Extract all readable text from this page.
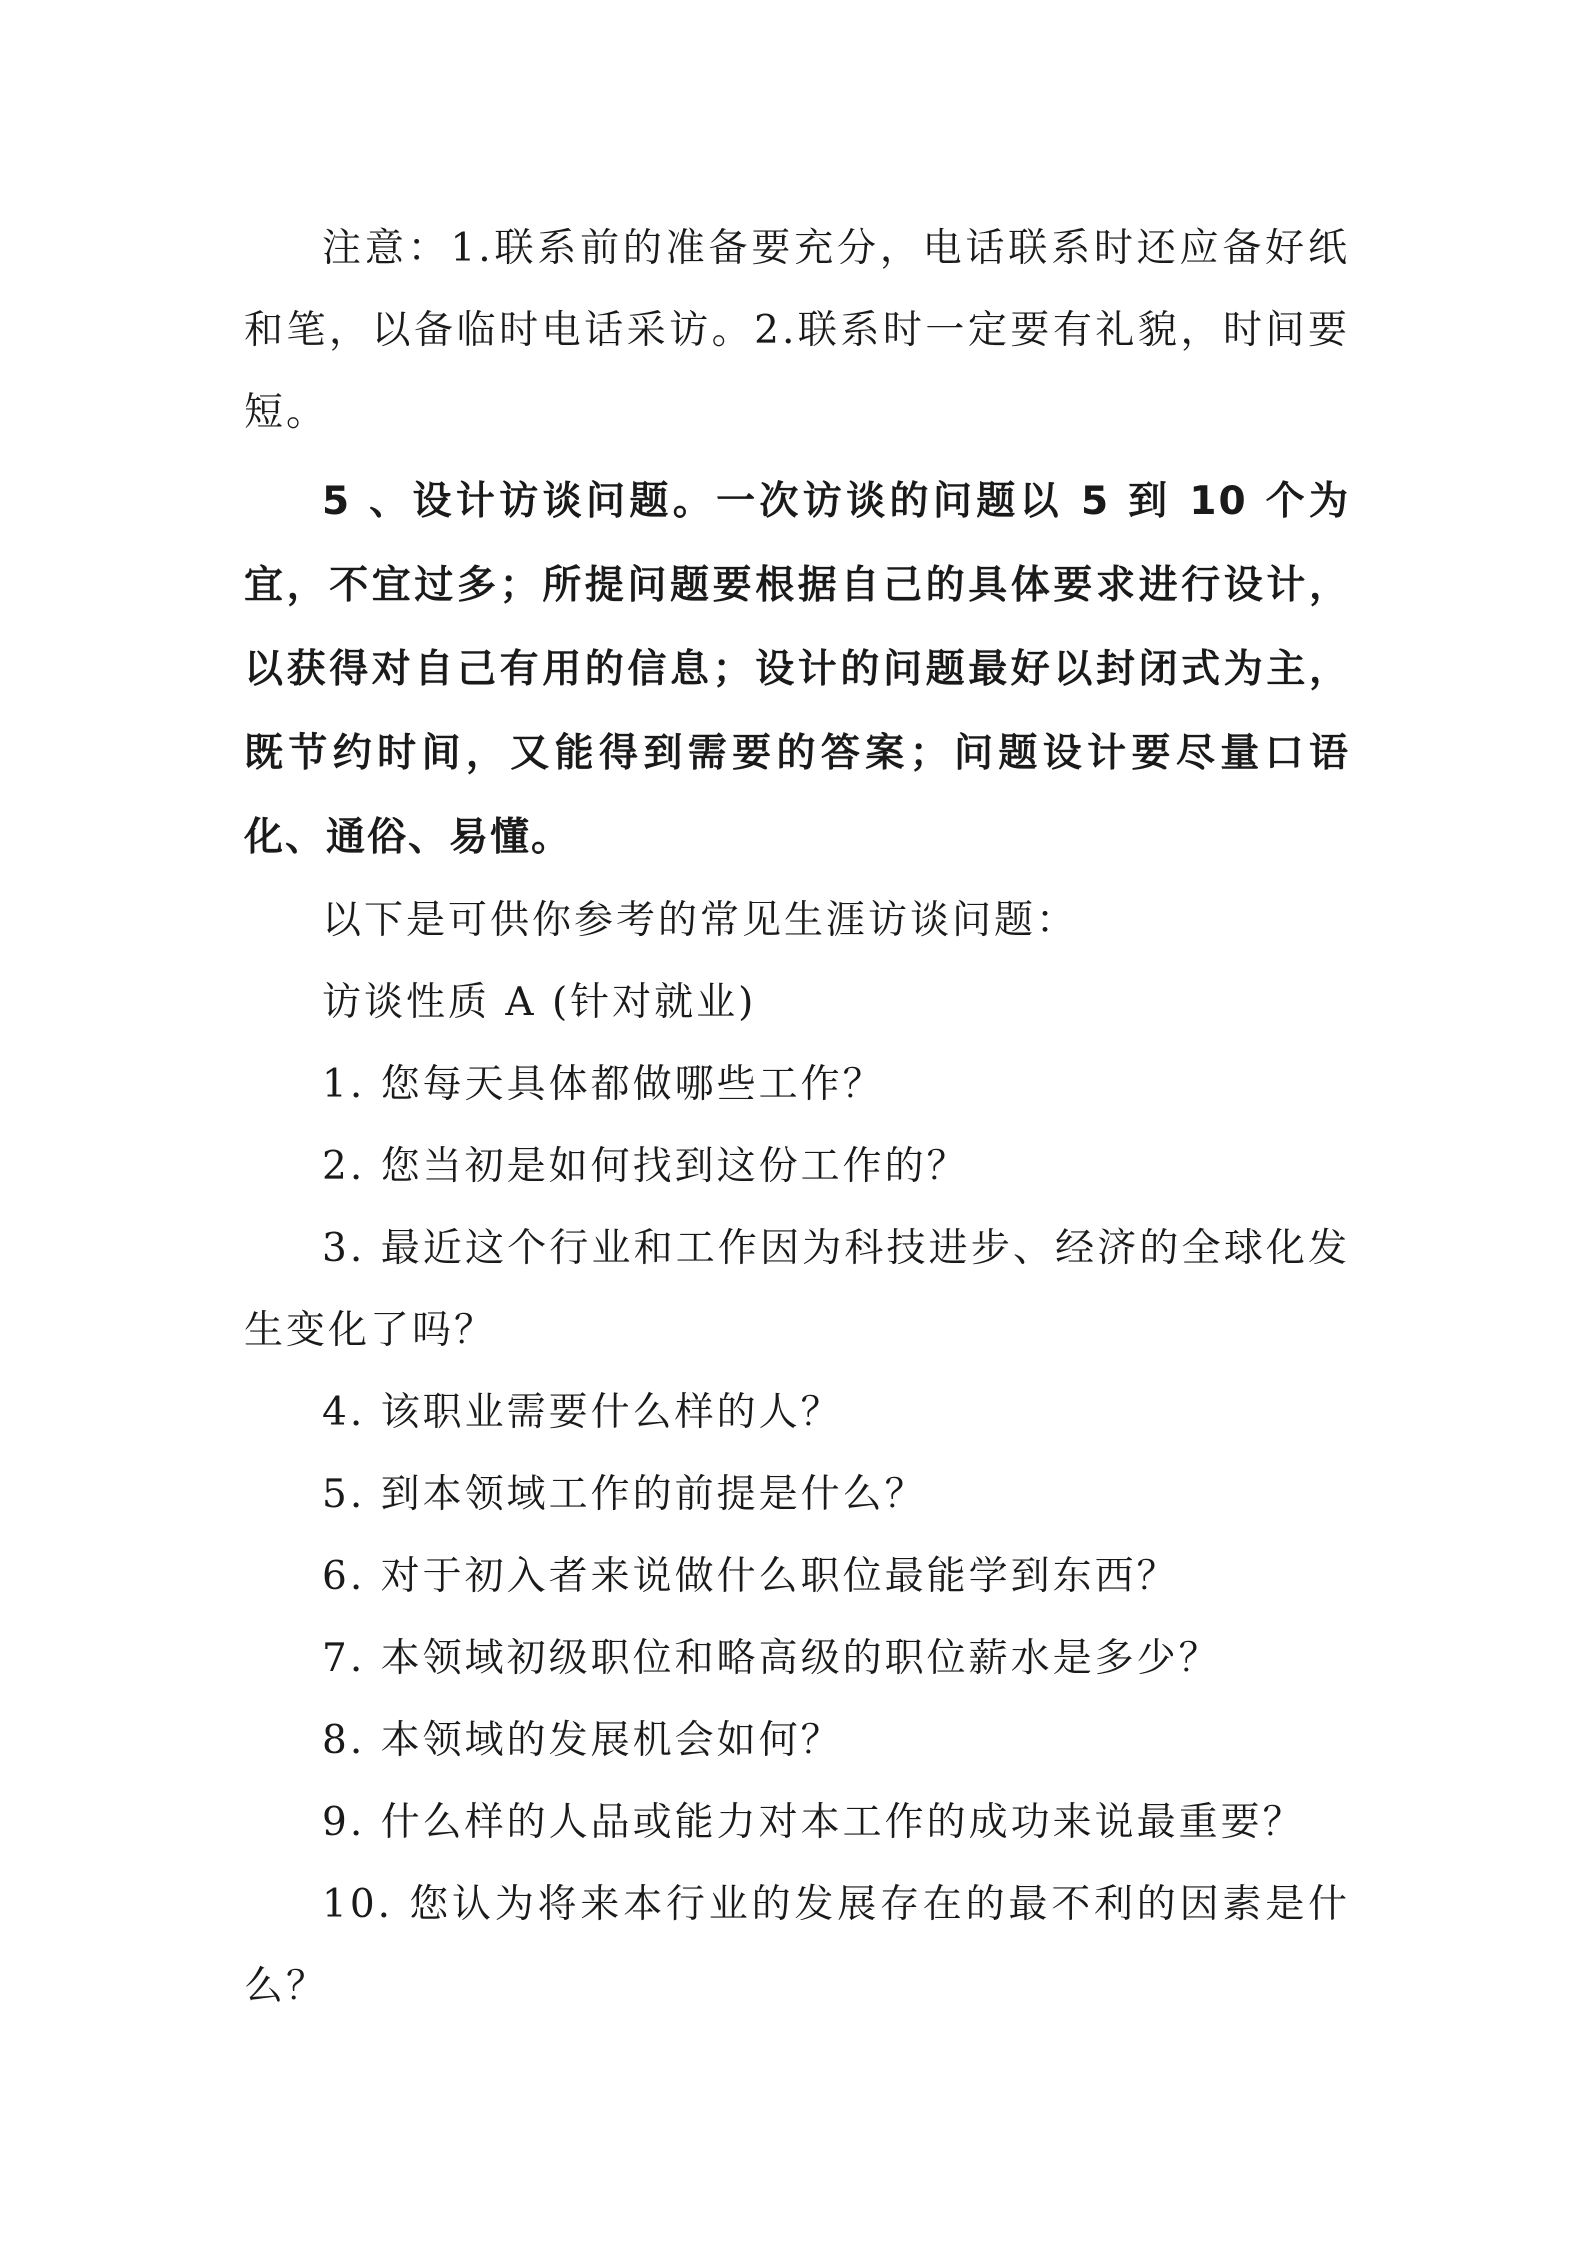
注意：1.联系前的准备要充分，电话联系时还应备好纸和笔，以备临时电话采访。2.联系时一定要有礼貌，时间要短。

5 、设计访谈问题。一次访谈的问题以 5 到 10 个为宜，不宜过多；所提问题要根据自己的具体要求进行设计，以获得对自己有用的信息；设计的问题最好以封闭式为主，既节约时间，又能得到需要的答案；问题设计要尽量口语化、通俗、易懂。

以下是可供你参考的常见生涯访谈问题：

访谈性质 A (针对就业)

1. 您每天具体都做哪些工作？

2. 您当初是如何找到这份工作的？

3. 最近这个行业和工作因为科技进步、经济的全球化发生变化了吗？

4. 该职业需要什么样的人？

5. 到本领域工作的前提是什么？

6. 对于初入者来说做什么职位最能学到东西？

7. 本领域初级职位和略高级的职位薪水是多少？

8. 本领域的发展机会如何？

9. 什么样的人品或能力对本工作的成功来说最重要？

10. 您认为将来本行业的发展存在的最不利的因素是什么？
